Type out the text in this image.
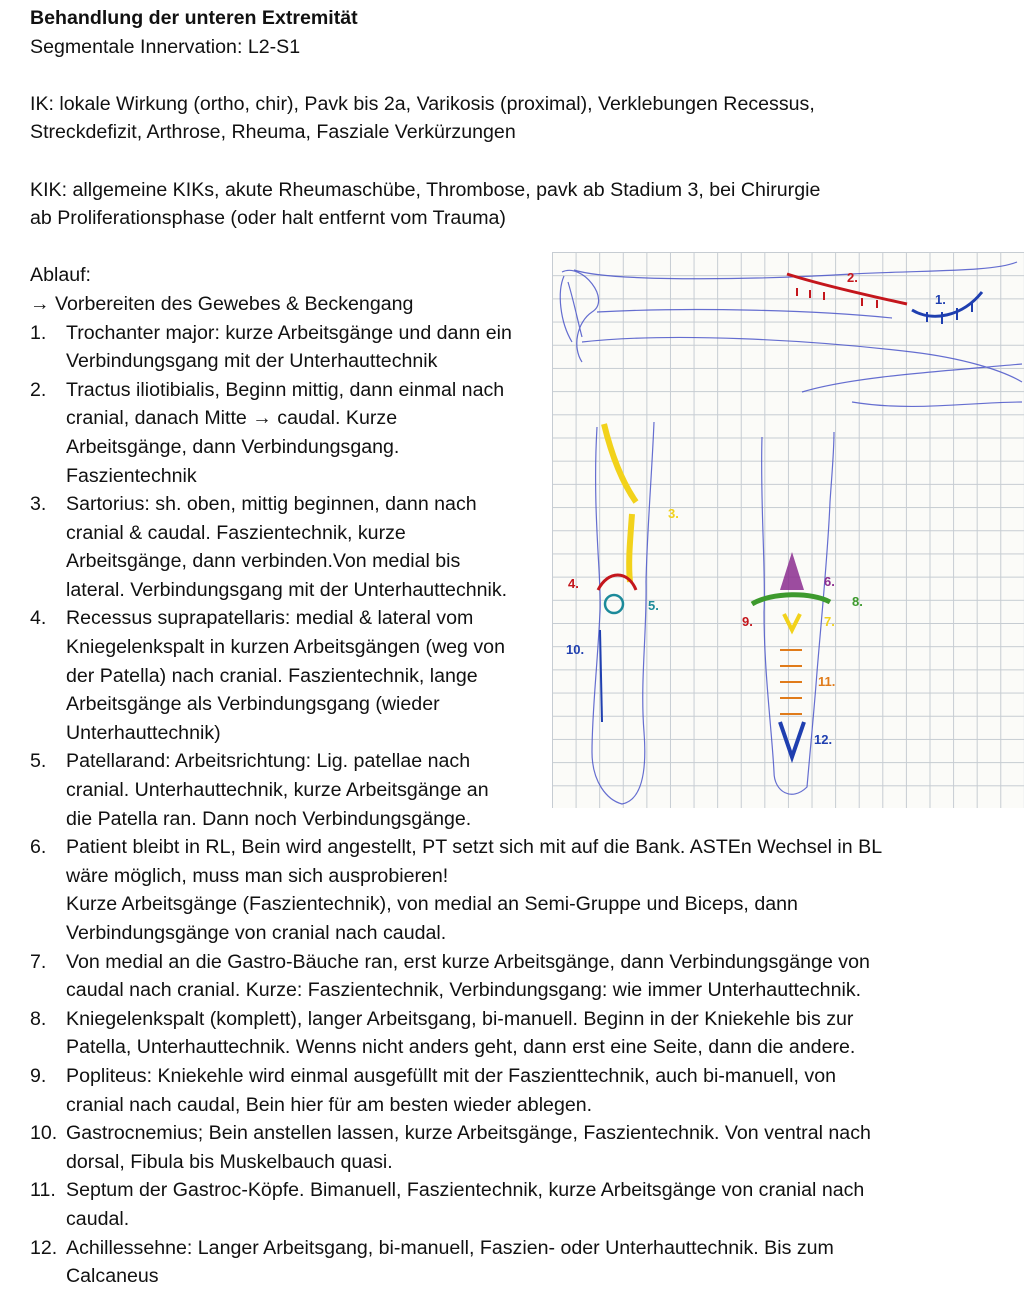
Behandlung der unteren Extremität

Segmentale Innervation: L2-S1

IK: lokale Wirkung (ortho, chir), Pavk bis 2a, Varikosis (proximal), Verklebungen Recessus,

Streckdefizit, Arthrose, Rheuma, Fasziale Verkürzungen

KIK: allgemeine KIKs, akute Rheumaschübe, Thrombose, pavk ab Stadium 3, bei Chirurgie

ab Proliferationsphase (oder halt entfernt vom Trauma)

Ablauf:

→ Vorbereiten des Gewebes & Beckengang

1. Trochanter major: kurze Arbeitsgänge und dann ein
Verbindungsgang mit der Unterhauttechnik
2. Tractus iliotibialis, Beginn mittig, dann einmal nach
cranial, danach Mitte → caudal. Kurze
Arbeitsgänge, dann Verbindungsgang.
Faszientechnik
3. Sartorius: sh. oben, mittig beginnen, dann nach
cranial & caudal. Faszientechnik, kurze
Arbeitsgänge, dann verbinden.Von medial bis
lateral. Verbindungsgang mit der Unterhauttechnik.
4. Recessus suprapatellaris: medial & lateral vom
Kniegelenkspalt in kurzen Arbeitsgängen (weg von
der Patella) nach cranial. Faszientechnik, lange
Arbeitsgänge als Verbindungsgang (wieder
Unterhauttechnik)
5. Patellarand: Arbeitsrichtung: Lig. patellae nach
cranial. Unterhauttechnik, kurze Arbeitsgänge an
die Patella ran. Dann noch Verbindungsgänge.
6. Patient bleibt in RL, Bein wird angestellt, PT setzt sich mit auf die Bank. ASTEn Wechsel in BL
wäre möglich, muss man sich ausprobieren!
Kurze Arbeitsgänge (Faszientechnik), von medial an Semi-Gruppe und Biceps, dann
Verbindungsgänge von cranial nach caudal.
7. Von medial an die Gastro-Bäuche ran, erst kurze Arbeitsgänge, dann Verbindungsgänge von
caudal nach cranial. Kurze: Faszientechnik, Verbindungsgang: wie immer Unterhauttechnik.
8. Kniegelenkspalt (komplett), langer Arbeitsgang, bi-manuell. Beginn in der Kniekehle bis zur
Patella, Unterhauttechnik. Wenns nicht anders geht, dann erst eine Seite, dann die andere.
9. Popliteus: Kniekehle wird einmal ausgefüllt mit der Faszienttechnik, auch bi-manuell, von
cranial nach caudal, Bein hier für am besten wieder ablegen.
10. Gastrocnemius; Bein anstellen lassen, kurze Arbeitsgänge, Faszientechnik. Von ventral nach
dorsal, Fibula bis Muskelbauch quasi.
11. Septum der Gastroc-Köpfe. Bimanuell, Faszientechnik, kurze Arbeitsgänge von cranial nach
caudal.
12. Achillessehne: Langer Arbeitsgang, bi-manuell, Faszien- oder Unterhauttechnik. Bis zum
Calcaneus
1.
2.
3.
4.
5.
10.
6.
8.
9.	7.
11.
12.
